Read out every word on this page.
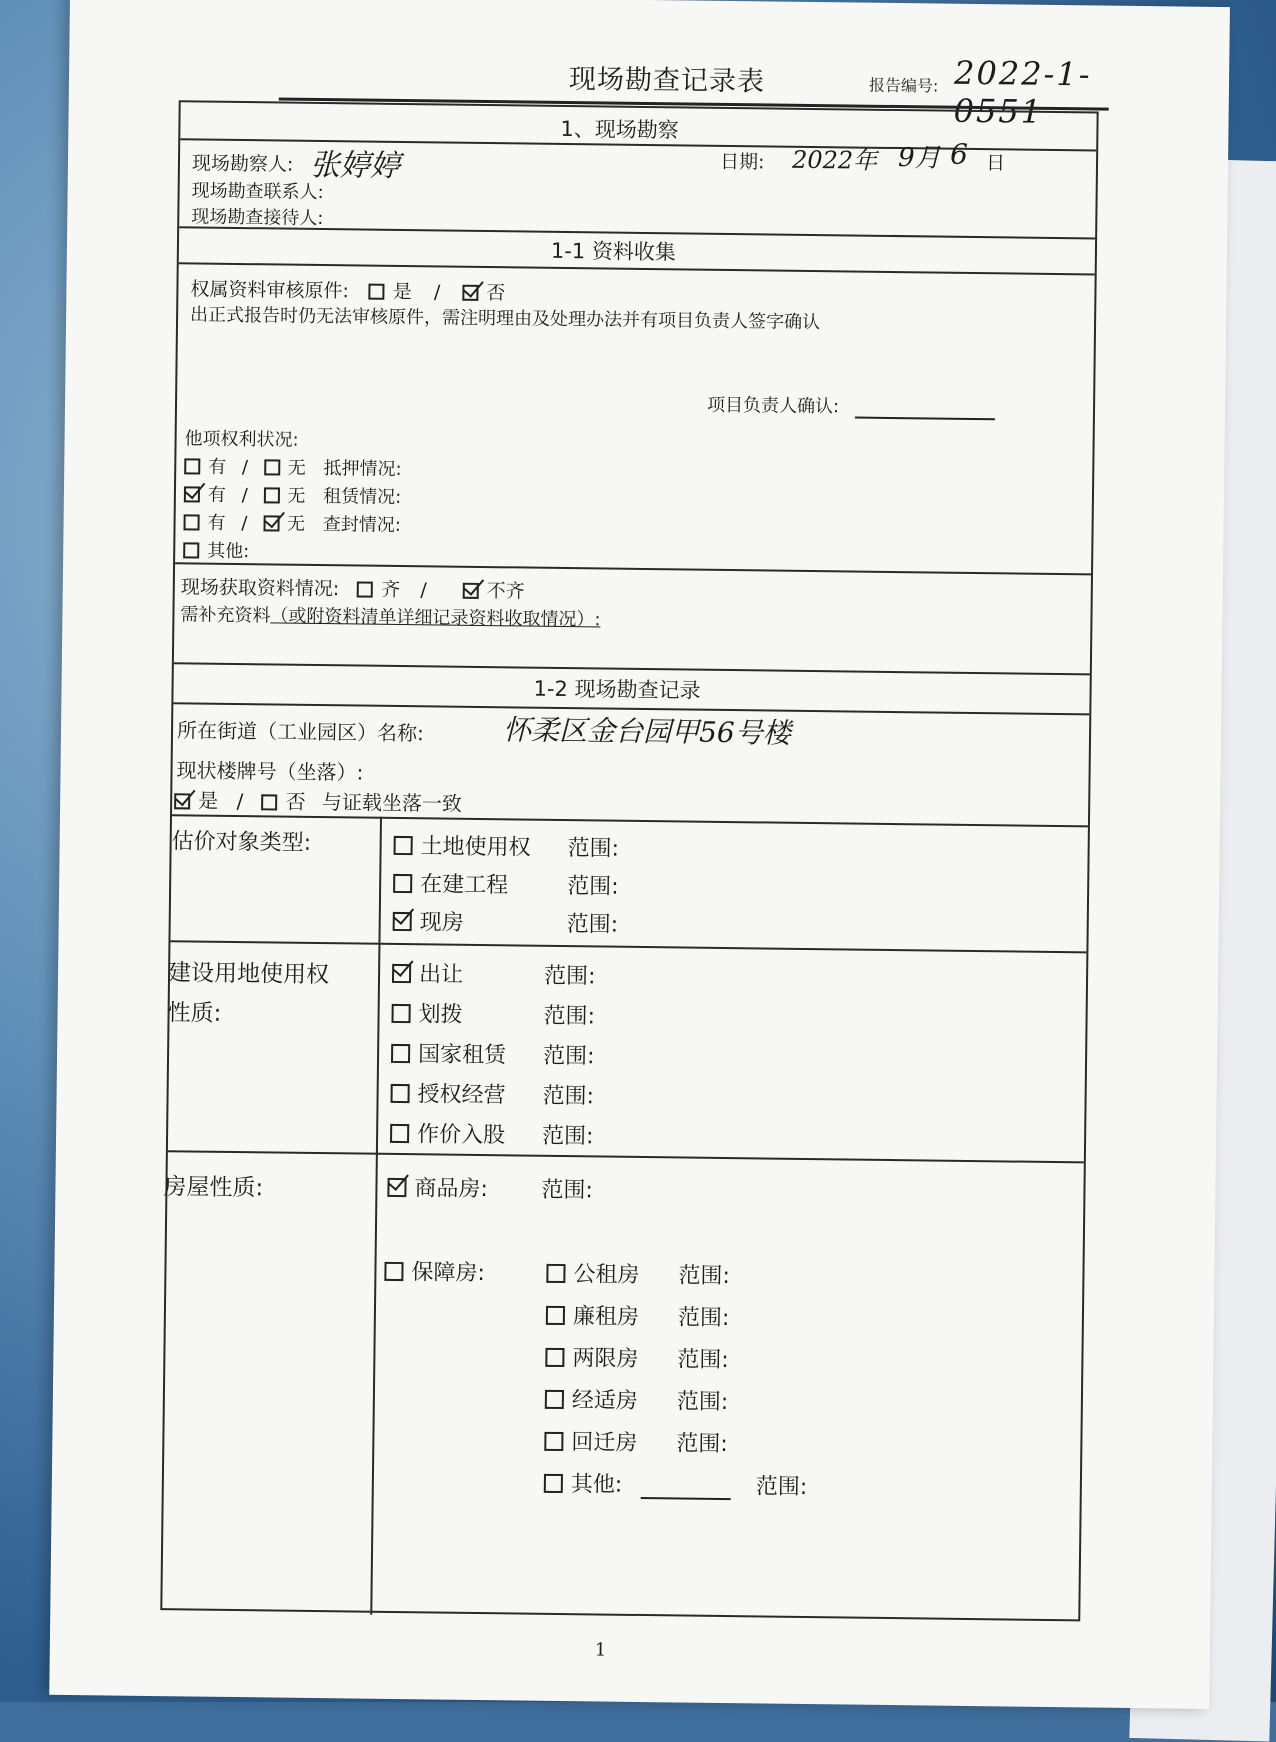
现场勘查记录表	报告编号: 2022-1-0551
1、现场勘察
现场勘察人: 张婷婷	日期: 2022年 9月 6 日
现场勘查联系人:
现场勘查接待人:
1-1 资料收集
权属资料审核原件: 是 / 否
出正式报告时仍无法审核原件，需注明理由及处理办法并有项目负责人签字确认
项目负责人确认:
他项权利状况:
有 / 无 抵押情况:
有 / 无 租赁情况:
有 / 无 查封情况:
其他:
现场获取资料情况: 齐 /	不齐
需补充资料（或附资料清单详细记录资料收取情况）:
1-2 现场勘查记录
所在街道（工业园区）名称:	怀柔区金台园甲56号楼
现状楼牌号（坐落）:
是 / 否 与证载坐落一致
估价对象类型:	土地使用权 范围:
在建工程	范围:
现房	范围:
建设用地使用权
性质:
出让	范围:
划拨	范围:
国家租赁 范围:
授权经营 范围:
作价入股 范围:
房屋性质:	商品房: 范围:
保障房:	公租房 范围:
廉租房 范围:
两限房 范围:
经适房 范围:
回迁房 范围:
其他:	范围:
1
